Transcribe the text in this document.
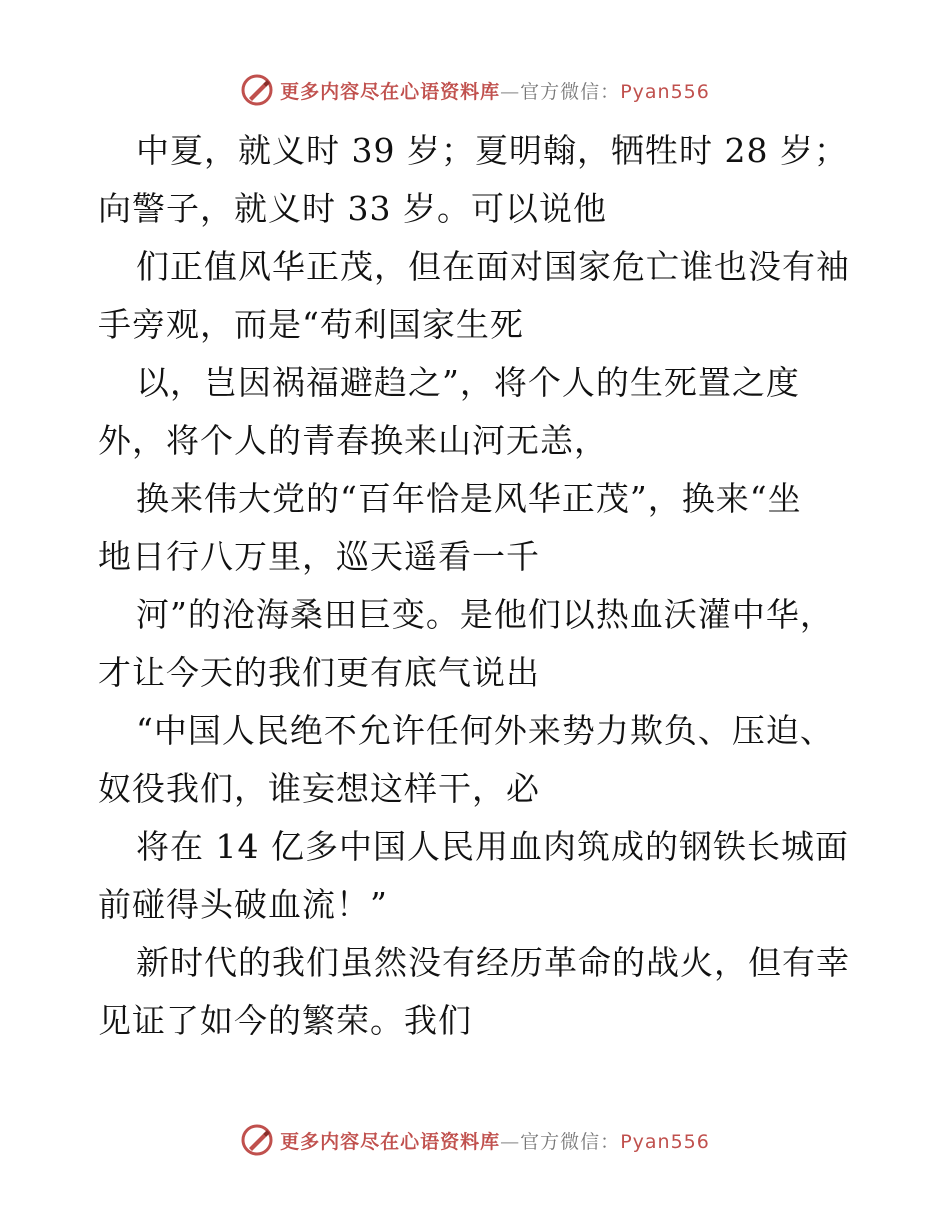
更多内容尽在心语资料库—官方微信：Pyan556
中夏，就义时 39 岁；夏明翰，牺牲时 28 岁；
向警子，就义时 33 岁。可以说他
们正值风华正茂，但在面对国家危亡谁也没有袖
手旁观，而是“苟利国家生死
以，岂因祸福避趋之”，将个人的生死置之度
外，将个人的青春换来山河无恙，
换来伟大党的“百年恰是风华正茂”，换来“坐
地日行八万里，巡天遥看一千
河”的沧海桑田巨变。是他们以热血沃灌中华，
才让今天的我们更有底气说出
“中国人民绝不允许任何外来势力欺负、压迫、
奴役我们，谁妄想这样干，必
将在 14 亿多中国人民用血肉筑成的钢铁长城面
前碰得头破血流！”
新时代的我们虽然没有经历革命的战火，但有幸
见证了如今的繁荣。我们
更多内容尽在心语资料库—官方微信：Pyan556
